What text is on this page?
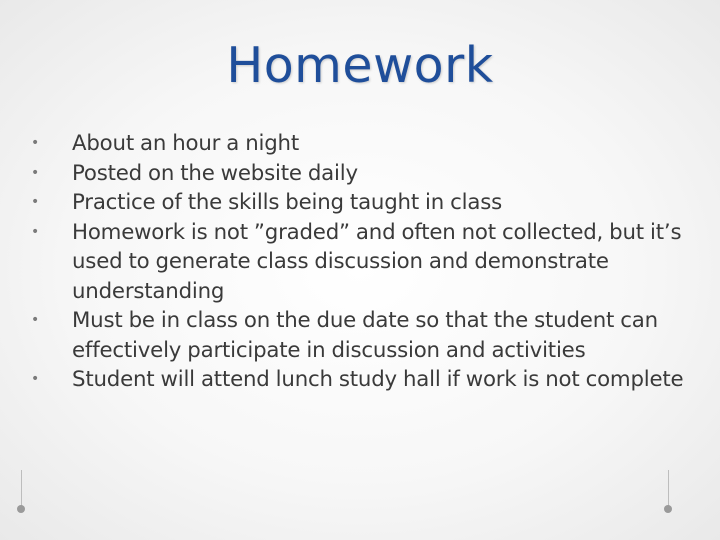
Homework
• About an hour a night
• Posted on the website daily
• Practice of the skills being taught in class
• Homework is not ”graded” and often not collected, but it’s used to generate class discussion and demonstrate understanding
• Must be in class on the due date so that the student can effectively participate in discussion and activities
• Student will attend lunch study hall if work is not complete
